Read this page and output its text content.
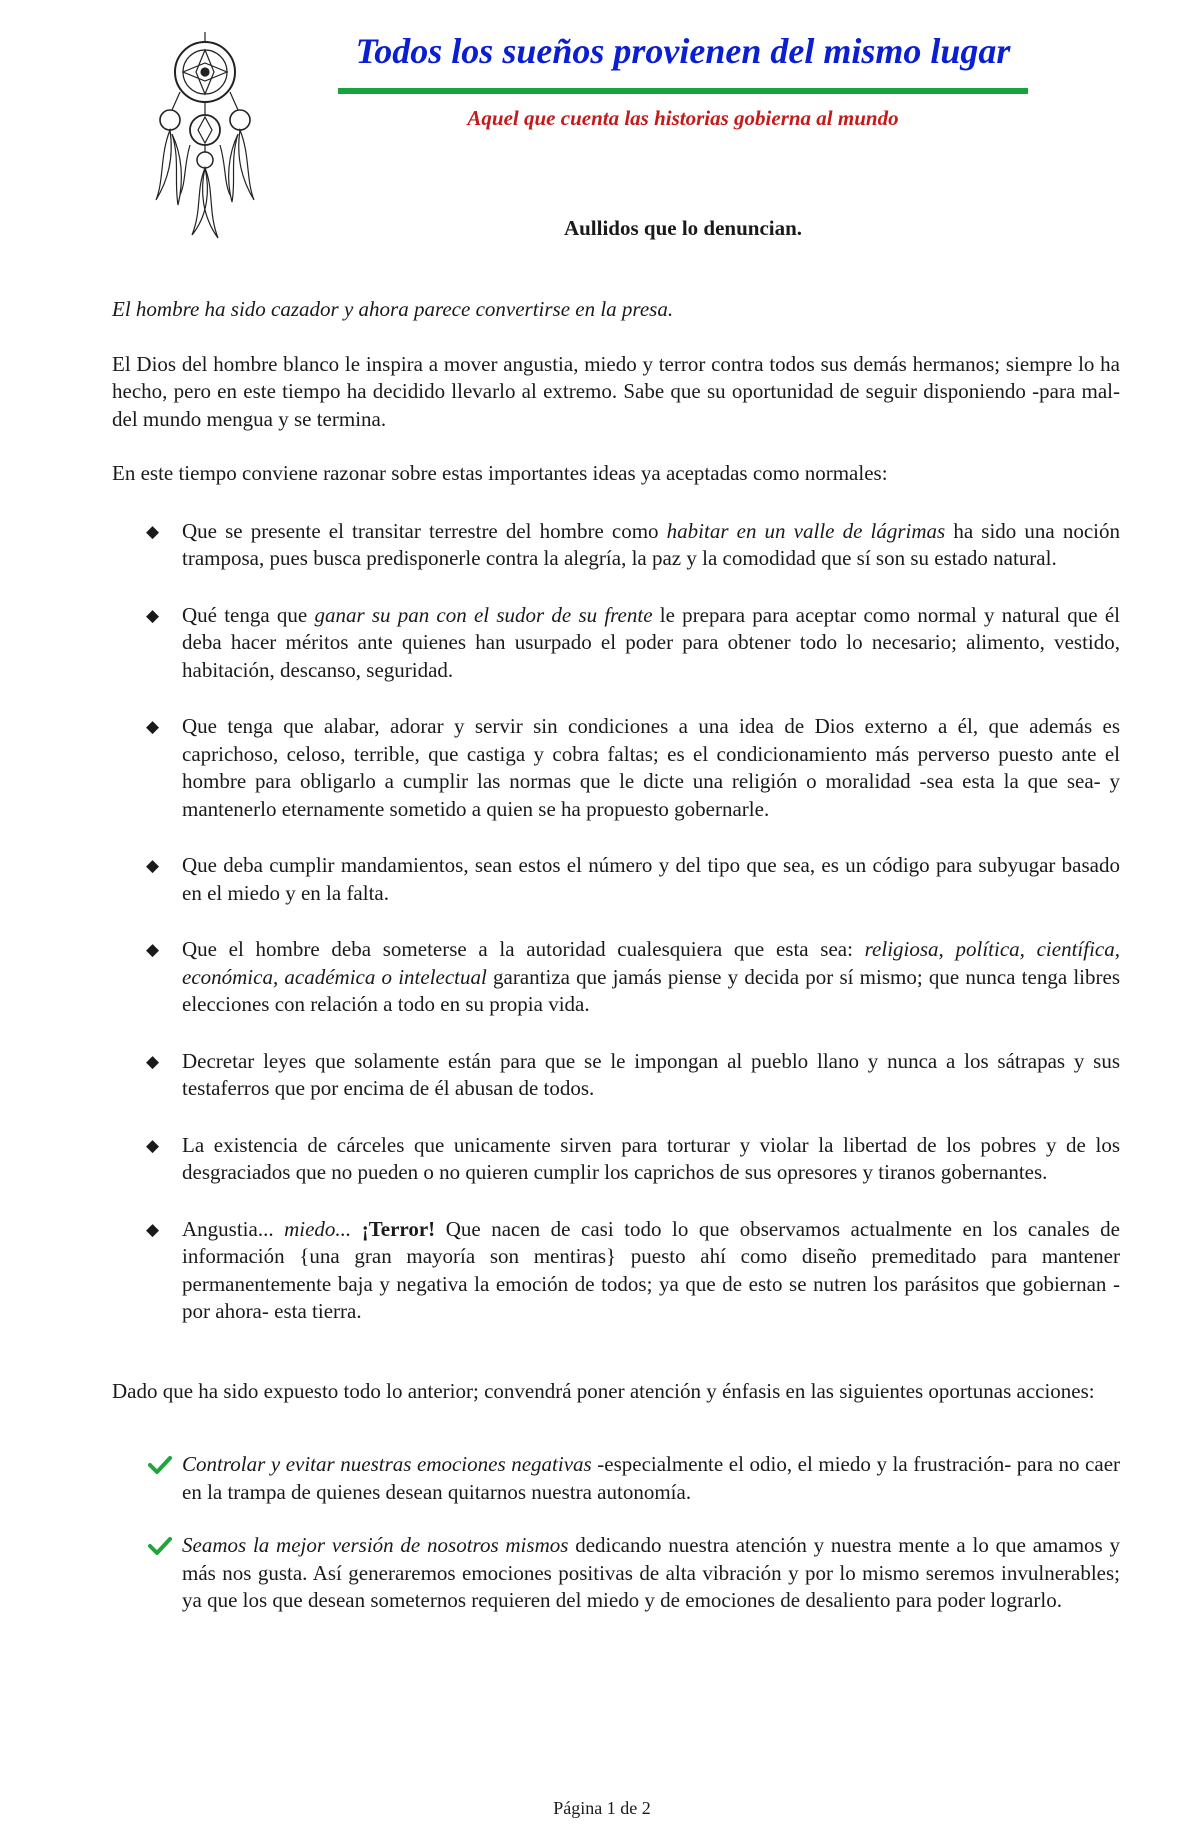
Todos los sueños provienen del mismo lugar
Aquel que cuenta las historias gobierna al mundo
Aullidos que lo denuncian.

El hombre ha sido cazador y ahora parece convertirse en la presa.

El Dios del hombre blanco le inspira a mover angustia, miedo y terror contra todos sus demás hermanos; siempre lo ha hecho, pero en este tiempo ha decidido llevarlo al extremo. Sabe que su oportunidad de seguir disponiendo -para mal- del mundo mengua y se termina.

En este tiempo conviene razonar sobre estas importantes ideas ya aceptadas como normales:

◆ Que se presente el transitar terrestre del hombre como habitar en un valle de lágrimas ha sido una noción tramposa, pues busca predisponerle contra la alegría, la paz y la comodidad que sí son su estado natural.
◆ Qué tenga que ganar su pan con el sudor de su frente le prepara para aceptar como normal y natural que él deba hacer méritos ante quienes han usurpado el poder para obtener todo lo necesario; alimento, vestido, habitación, descanso, seguridad.
◆ Que tenga que alabar, adorar y servir sin condiciones a una idea de Dios externo a él, que además es caprichoso, celoso, terrible, que castiga y cobra faltas; es el condicionamiento más perverso puesto ante el hombre para obligarlo a cumplir las normas que le dicte una religión o moralidad -sea esta la que sea- y mantenerlo eternamente sometido a quien se ha propuesto gobernarle.
◆ Que deba cumplir mandamientos, sean estos el número y del tipo que sea, es un código para subyugar basado en el miedo y en la falta.
◆ Que el hombre deba someterse a la autoridad cualesquiera que esta sea: religiosa, política, científica, económica, académica o intelectual garantiza que jamás piense y decida por sí mismo; que nunca tenga libres elecciones con relación a todo en su propia vida.
◆ Decretar leyes que solamente están para que se le impongan al pueblo llano y nunca a los sátrapas y sus testaferros que por encima de él abusan de todos.
◆ La existencia de cárceles que unicamente sirven para torturar y violar la libertad de los pobres y de los desgraciados que no pueden o no quieren cumplir los caprichos de sus opresores y tiranos gobernantes.
◆ Angustia... miedo... ¡Terror! Que nacen de casi todo lo que observamos actualmente en los canales de información {una gran mayoría son mentiras} puesto ahí como diseño premeditado para mantener permanentemente baja y negativa la emoción de todos; ya que de esto se nutren los parásitos que gobiernan -por ahora- esta tierra.

Dado que ha sido expuesto todo lo anterior; convendrá poner atención y énfasis en las siguientes oportunas acciones:

Controlar y evitar nuestras emociones negativas -especialmente el odio, el miedo y la frustración- para no caer en la trampa de quienes desean quitarnos nuestra autonomía.
Seamos la mejor versión de nosotros mismos dedicando nuestra atención y nuestra mente a lo que amamos y más nos gusta. Así generaremos emociones positivas de alta vibración y por lo mismo seremos invulnerables; ya que los que desean someternos requieren del miedo y de emociones de desaliento para poder lograrlo.
Página 1 de 2
